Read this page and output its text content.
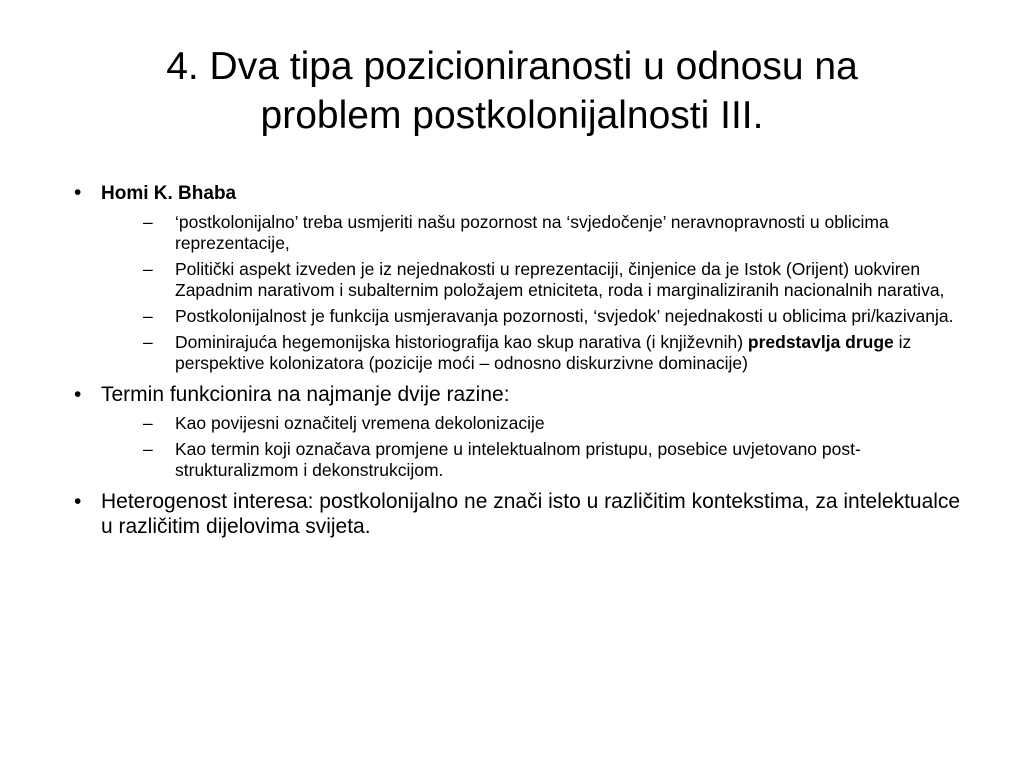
4. Dva tipa pozicioniranosti u odnosu na
problem postkolonijalnosti III.
• Homi K. Bhaba
– ‘postkolonijalno’ treba usmjeriti našu pozornost na ‘svjedočenje’ neravnopravnosti u oblicima reprezentacije,
– Politički aspekt izveden je iz nejednakosti u reprezentaciji, činjenice da je Istok (Orijent) uokviren Zapadnim narativom i subalternim položajem etniciteta, roda i marginaliziranih nacionalnih narativa,
– Postkolonijalnost je funkcija usmjeravanja pozornosti, ‘svjedok’ nejednakosti u oblicima pri/kazivanja.
– Dominirajuća hegemonijska historiografija kao skup narativa (i književnih) predstavlja druge iz perspektive kolonizatora (pozicije moći – odnosno diskurzivne dominacije)
• Termin funkcionira na najmanje dvije razine:
– Kao povijesni označitelj vremena dekolonizacije
– Kao termin koji označava promjene u intelektualnom pristupu, posebice uvjetovano post-strukturalizmom i dekonstrukcijom.
• Heterogenost interesa: postkolonijalno ne znači isto u različitim kontekstima, za intelektualce u različitim dijelovima svijeta.
